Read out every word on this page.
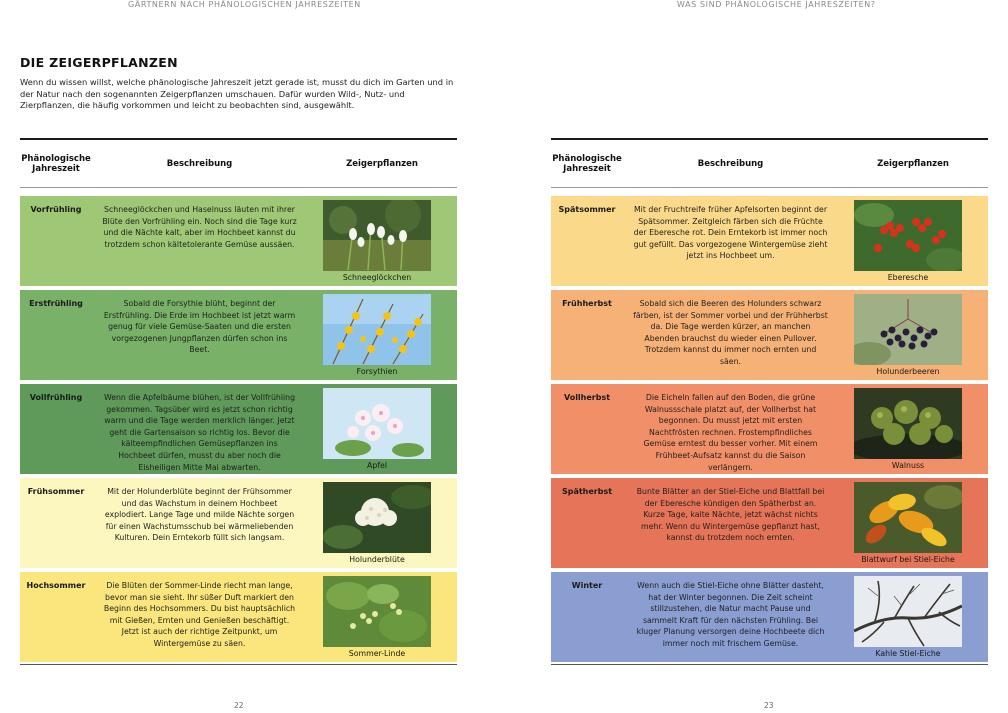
GÄRTNERN NACH PHÄNOLOGISCHEN JAHRESZEITEN	WAS SIND PHÄNOLOGISCHE JAHRESZEITEN?
DIE ZEIGERPFLANZEN

Wenn du wissen willst, welche phänologische Jahreszeit jetzt gerade ist, musst du dich im Garten und in der Natur nach den sogenannten Zeigerpflanzen umschauen. Dafür wurden Wild-, Nutz- und Zierpflanzen, die häufig vorkommen und leicht zu beobachten sind, ausgewählt.

Phänologische Jahreszeit	Beschreibung	Zeigerpflanzen
Vorfrühling	Schneeglöckchen und Haselnuss läuten mit ihrer Blüte den Vorfrühling ein. Noch sind die Tage kurz und die Nächte kalt, aber im Hochbeet kannst du trotzdem schon kältetolerante Gemüse aussäen.
Schneeglöckchen
Erstfrühling	Sobald die Forsythie blüht, beginnt der Erstfrühling. Die Erde im Hochbeet ist jetzt warm genug für viele Gemüse-Saaten und die ersten vorgezogenen Jungpflanzen dürfen schon ins Beet.
Forsythien
Vollfrühling	Wenn die Apfelbäume blühen, ist der Vollfrühling gekommen. Tagsüber wird es jetzt schon richtig warm und die Tage werden merklich länger. Jetzt geht die Gartensaison so richtig los. Bevor die kälteempfindlichen Gemüsepflanzen ins Hochbeet dürfen, musst du aber noch die Eisheiligen Mitte Mai abwarten.	Apfel
Frühsommer	Mit der Holunderblüte beginnt der Frühsommer und das Wachstum in deinem Hochbeet explodiert. Lange Tage und milde Nächte sorgen für einen Wachstumsschub bei wärmeliebenden Kulturen. Dein Erntekorb füllt sich langsam.
Holunderblüte
Hochsommer	Die Blüten der Sommer-Linde riecht man lange, bevor man sie sieht. Ihr süßer Duft markiert den Beginn des Hochsommers. Du bist hauptsächlich mit Gießen, Ernten und Genießen beschäftigt. Jetzt ist auch der richtige Zeitpunkt, um Wintergemüse zu säen.
Sommer-Linde
Phänologische Jahreszeit	Beschreibung	Zeigerpflanzen
Spätsommer	Mit der Fruchtreife früher Apfelsorten beginnt der Spätsommer. Zeitgleich färben sich die Früchte der Eberesche rot. Dein Erntekorb ist immer noch gut gefüllt. Das vorgezogene Wintergemüse zieht jetzt ins Hochbeet um.
Eberesche
Frühherbst	Sobald sich die Beeren des Holunders schwarz färben, ist der Sommer vorbei und der Frühherbst da. Die Tage werden kürzer, an manchen Abenden brauchst du wieder einen Pullover. Trotzdem kannst du immer noch ernten und säen.
Holunderbeeren
Vollherbst	Die Eicheln fallen auf den Boden, die grüne Walnussschale platzt auf, der Vollherbst hat begonnen. Du musst jetzt mit ersten Nachtfrösten rechnen. Frostempfindliches Gemüse erntest du besser vorher. Mit einem Frühbeet-Aufsatz kannst du die Saison verlängern.	Walnuss
Spätherbst	Bunte Blätter an der Stiel-Eiche und Blattfall bei der Eberesche kündigen den Spätherbst an. Kurze Tage, kalte Nächte, jetzt wächst nichts mehr. Wenn du Wintergemüse gepflanzt hast, kannst du trotzdem noch ernten.
Blattwurf bei Stiel-Eiche
Winter	Wenn auch die Stiel-Eiche ohne Blätter dasteht, hat der Winter begonnen. Die Zeit scheint stillzustehen, die Natur macht Pause und sammelt Kraft für den nächsten Frühling. Bei kluger Planung versorgen deine Hochbeete dich immer noch mit frischem Gemüse.
Kahle Stiel-Eiche
22	23
